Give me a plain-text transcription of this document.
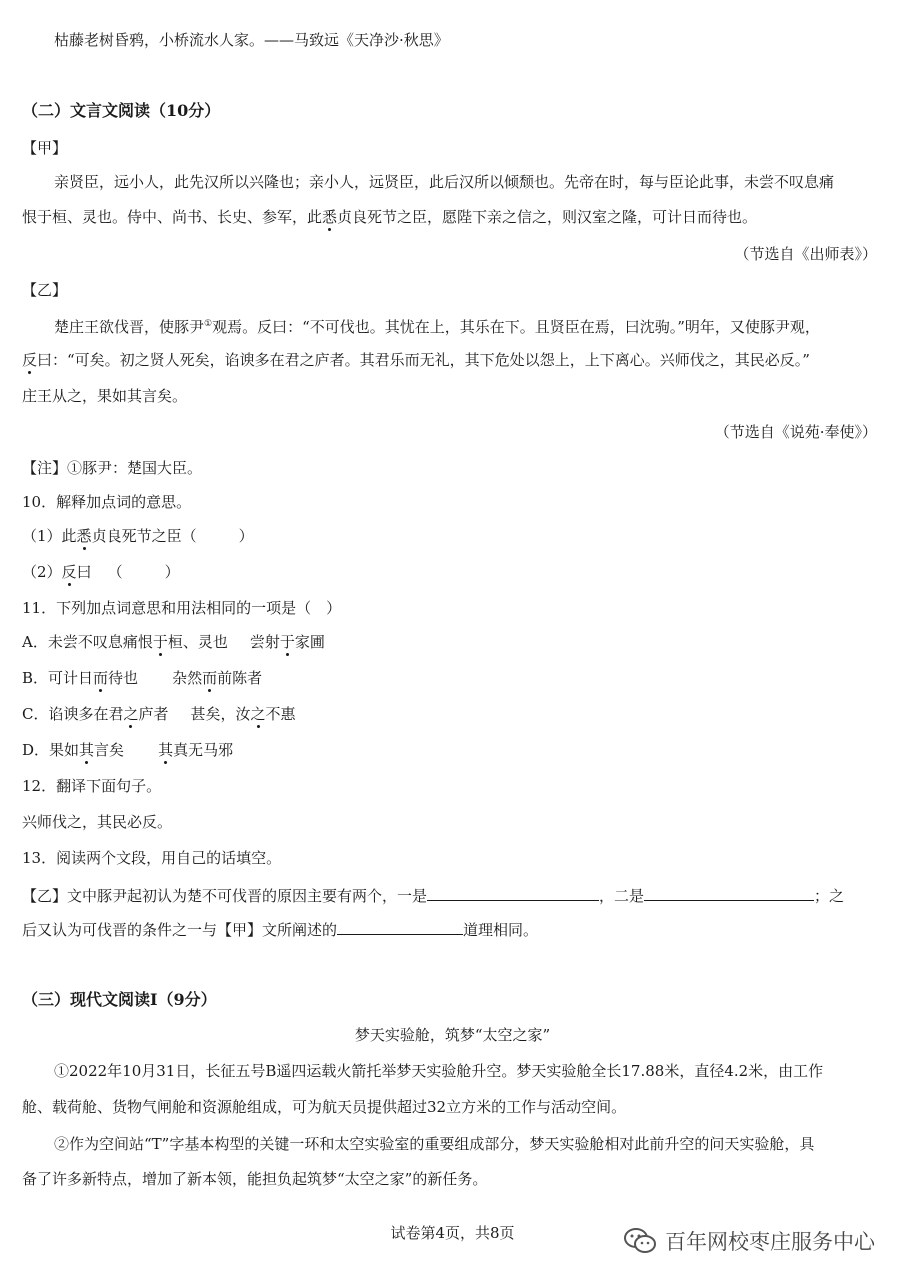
枯藤老树昏鸦，小桥流水人家。——马致远《天净沙·秋思》
（二）文言文阅读（10分）
【甲】
亲贤臣，远小人，此先汉所以兴隆也；亲小人，远贤臣，此后汉所以倾颓也。先帝在时，每与臣论此事，未尝不叹息痛
恨于桓、灵也。侍中、尚书、长史、参军，此悉贞良死节之臣，愿陛下亲之信之，则汉室之隆，可计日而待也。
（节选自《出师表》）
【乙】
楚庄王欲伐晋，使豚尹①观焉。反曰：“不可伐也。其忧在上，其乐在下。且贤臣在焉，曰沈驹。”明年，又使豚尹观，
反曰：“可矣。初之贤人死矣，谄谀多在君之庐者。其君乐而无礼，其下危处以怨上，上下离心。兴师伐之，其民必反。”
庄王从之，果如其言矣。
（节选自《说苑·奉使》）
【注】①豚尹：楚国大臣。
10．解释加点词的意思。
（1）此悉贞良死节之臣（	）
（2）反曰 （	）
11．下列加点词意思和用法相同的一项是（　）
A．未尝不叹息痛恨于桓、灵也 尝射于家圃
B．可计日而待也 杂然而前陈者
C．谄谀多在君之庐者 甚矣，汝之不惠
D．果如其言矣 其真无马邪
12．翻译下面句子。
兴师伐之，其民必反。
13．阅读两个文段，用自己的话填空。
【乙】文中豚尹起初认为楚不可伐晋的原因主要有两个，一是	，二是	；之
后又认为可伐晋的条件之一与【甲】文所阐述的	道理相同。
（三）现代文阅读Ⅰ（9分）
梦天实验舱，筑梦“太空之家”
①2022年10月31日，长征五号B遥四运载火箭托举梦天实验舱升空。梦天实验舱全长17.88米，直径4.2米，由工作
舱、载荷舱、货物气闸舱和资源舱组成，可为航天员提供超过32立方米的工作与活动空间。
②作为空间站“T”字基本构型的关键一环和太空实验室的重要组成部分，梦天实验舱相对此前升空的问天实验舱，具
备了许多新特点，增加了新本领，能担负起筑梦“太空之家”的新任务。
试卷第4页，共8页	百年网校枣庄服务中心
